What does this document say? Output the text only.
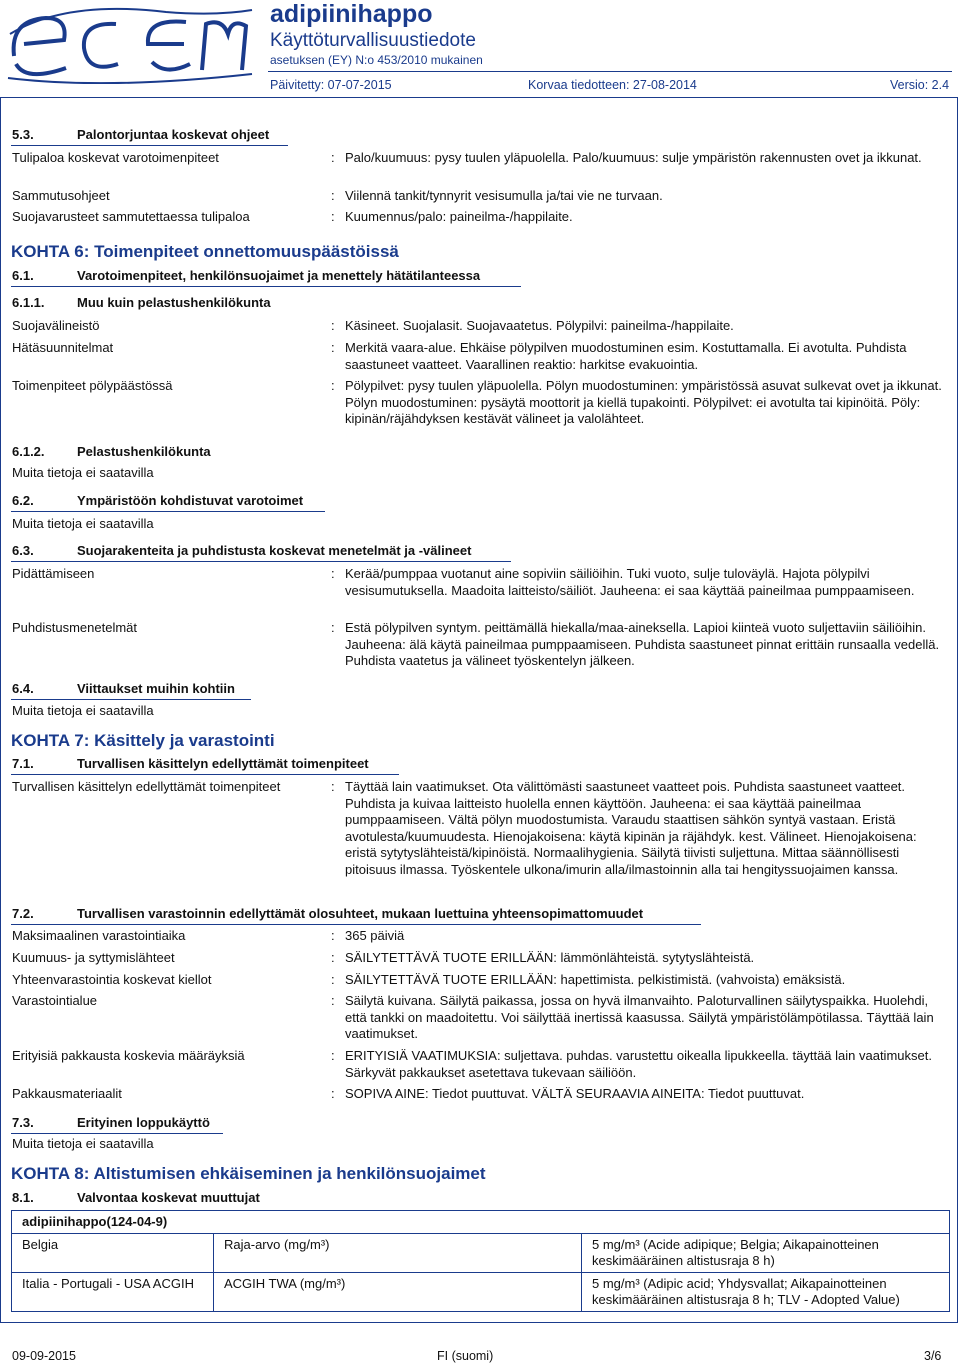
adipiinihappo
Käyttöturvallisuustiedote
asetuksen (EY) N:o 453/2010 mukainen
Päivitetty: 07-07-2015	Korvaa tiedotteen: 27-08-2014	Versio: 2.4
5.3.	Palontorjuntaa koskevat ohjeet
Tulipaloa koskevat varotoimenpiteet	: Palo/kuumuus: pysy tuulen yläpuolella. Palo/kuumuus: sulje ympäristön rakennusten ovet ja ikkunat.
Sammutusohjeet	: Viilennä tankit/tynnyrit vesisumulla ja/tai vie ne turvaan.
Suojavarusteet sammutettaessa tulipaloa	: Kuumennus/palo: paineilma-/happilaite.
KOHTA 6: Toimenpiteet onnettomuuspäästöissä
6.1.	Varotoimenpiteet, henkilönsuojaimet ja menettely hätätilanteessa
6.1.1. Muu kuin pelastushenkilökunta
Suojavälineistö	: Käsineet. Suojalasit. Suojavaatetus. Pölypilvi: paineilma-/happilaite.
Hätäsuunnitelmat	: Merkitä vaara-alue. Ehkäise pölypilven muodostuminen esim. Kostuttamalla. Ei avotulta. Puhdista saastuneet vaatteet. Vaarallinen reaktio: harkitse evakuointia.
Toimenpiteet pölypäästössä	: Pölypilvet: pysy tuulen yläpuolella. Pölyn muodostuminen: ympäristössä asuvat sulkevat ovet ja ikkunat. Pölyn muodostuminen: pysäytä moottorit ja kiellä tupakointi. Pölypilvet: ei avotulta tai kipinöitä. Pöly: kipinän/räjähdyksen kestävät välineet ja valolähteet.
6.1.2. Pelastushenkilökunta
Muita tietoja ei saatavilla
6.2.	Ympäristöön kohdistuvat varotoimet
Muita tietoja ei saatavilla
6.3.	Suojarakenteita ja puhdistusta koskevat menetelmät ja -välineet
Pidättämiseen	: Kerää/pumppaa vuotanut aine sopiviin säiliöihin. Tuki vuoto, sulje tuloväylä. Hajota pölypilvi vesisumutuksella. Maadoita laitteisto/säiliöt. Jauheena: ei saa käyttää paineilmaa pumppaamiseen.
Puhdistusmenetelmät	: Estä pölypilven syntym. peittämällä hiekalla/maa-aineksella. Lapioi kiinteä vuoto suljettaviin säiliöihin. Jauheena: älä käytä paineilmaa pumppaamiseen. Puhdista saastuneet pinnat erittäin runsaalla vedellä. Puhdista vaatetus ja välineet työskentelyn jälkeen.
6.4.	Viittaukset muihin kohtiin
Muita tietoja ei saatavilla
KOHTA 7: Käsittely ja varastointi
7.1.	Turvallisen käsittelyn edellyttämät toimenpiteet
Turvallisen käsittelyn edellyttämät toimenpiteet	: Täyttää lain vaatimukset. Ota välittömästi saastuneet vaatteet pois. Puhdista saastuneet vaatteet. Puhdista ja kuivaa laitteisto huolella ennen käyttöön. Jauheena: ei saa käyttää paineilmaa pumppaamiseen. Vältä pölyn muodostumista. Varaudu staattisen sähkön syntyä vastaan. Eristä avotulesta/kuumuudesta. Hienojakoisena: käytä kipinän ja räjähdyk. kest. Välineet. Hienojakoisena: eristä sytytyslähteistä/kipinöistä. Normaalihygienia. Säilytä tiivisti suljettuna. Mittaa säännöllisesti pitoisuus ilmassa. Työskentele ulkona/imurin alla/ilmastoinnin alla tai hengityssuojaimen kanssa.
7.2.	Turvallisen varastoinnin edellyttämät olosuhteet, mukaan luettuina yhteensopimattomuudet
Maksimaalinen varastointiaika	: 365 päiviä
Kuumuus- ja syttymislähteet	: SÄILYTETTÄVÄ TUOTE ERILLÄÄN: lämmönlähteistä. sytytyslähteistä.
Yhteenvarastointia koskevat kiellot	: SÄILYTETTÄVÄ TUOTE ERILLÄÄN: hapettimista. pelkistimistä. (vahvoista) emäksistä.
Varastointialue	: Säilytä kuivana. Säilytä paikassa, jossa on hyvä ilmanvaihto. Paloturvallinen säilytyspaikka. Huolehdi, että tankki on maadoitettu. Voi säilyttää inertissä kaasussa. Säilytä ympäristölämpötilassa. Täyttää lain vaatimukset.
Erityisiä pakkausta koskevia määräyksiä	: ERITYISIÄ VAATIMUKSIA: suljettava. puhdas. varustettu oikealla lipukkeella. täyttää lain vaatimukset. Särkyvät pakkaukset asetettava tukevaan säiliöön.
Pakkausmateriaalit	: SOPIVA AINE: Tiedot puuttuvat. VÄLTÄ SEURAAVIA AINEITA: Tiedot puuttuvat.
7.3.	Erityinen loppukäyttö
Muita tietoja ei saatavilla
KOHTA 8: Altistumisen ehkäiseminen ja henkilönsuojaimet
8.1.	Valvontaa koskevat muuttujat
adipiinihappo(124-04-9)		
Belgia	Raja-arvo (mg/m³)	5 mg/m³ (Acide adipique; Belgia; Aikapainotteinen keskimääräinen altistusraja 8 h)
Italia - Portugali - USA ACGIH	ACGIH TWA (mg/m³)	5 mg/m³ (Adipic acid; Yhdysvallat; Aikapainotteinen keskimääräinen altistusraja 8 h; TLV - Adopted Value)
09-09-2015	FI (suomi)	3/6
